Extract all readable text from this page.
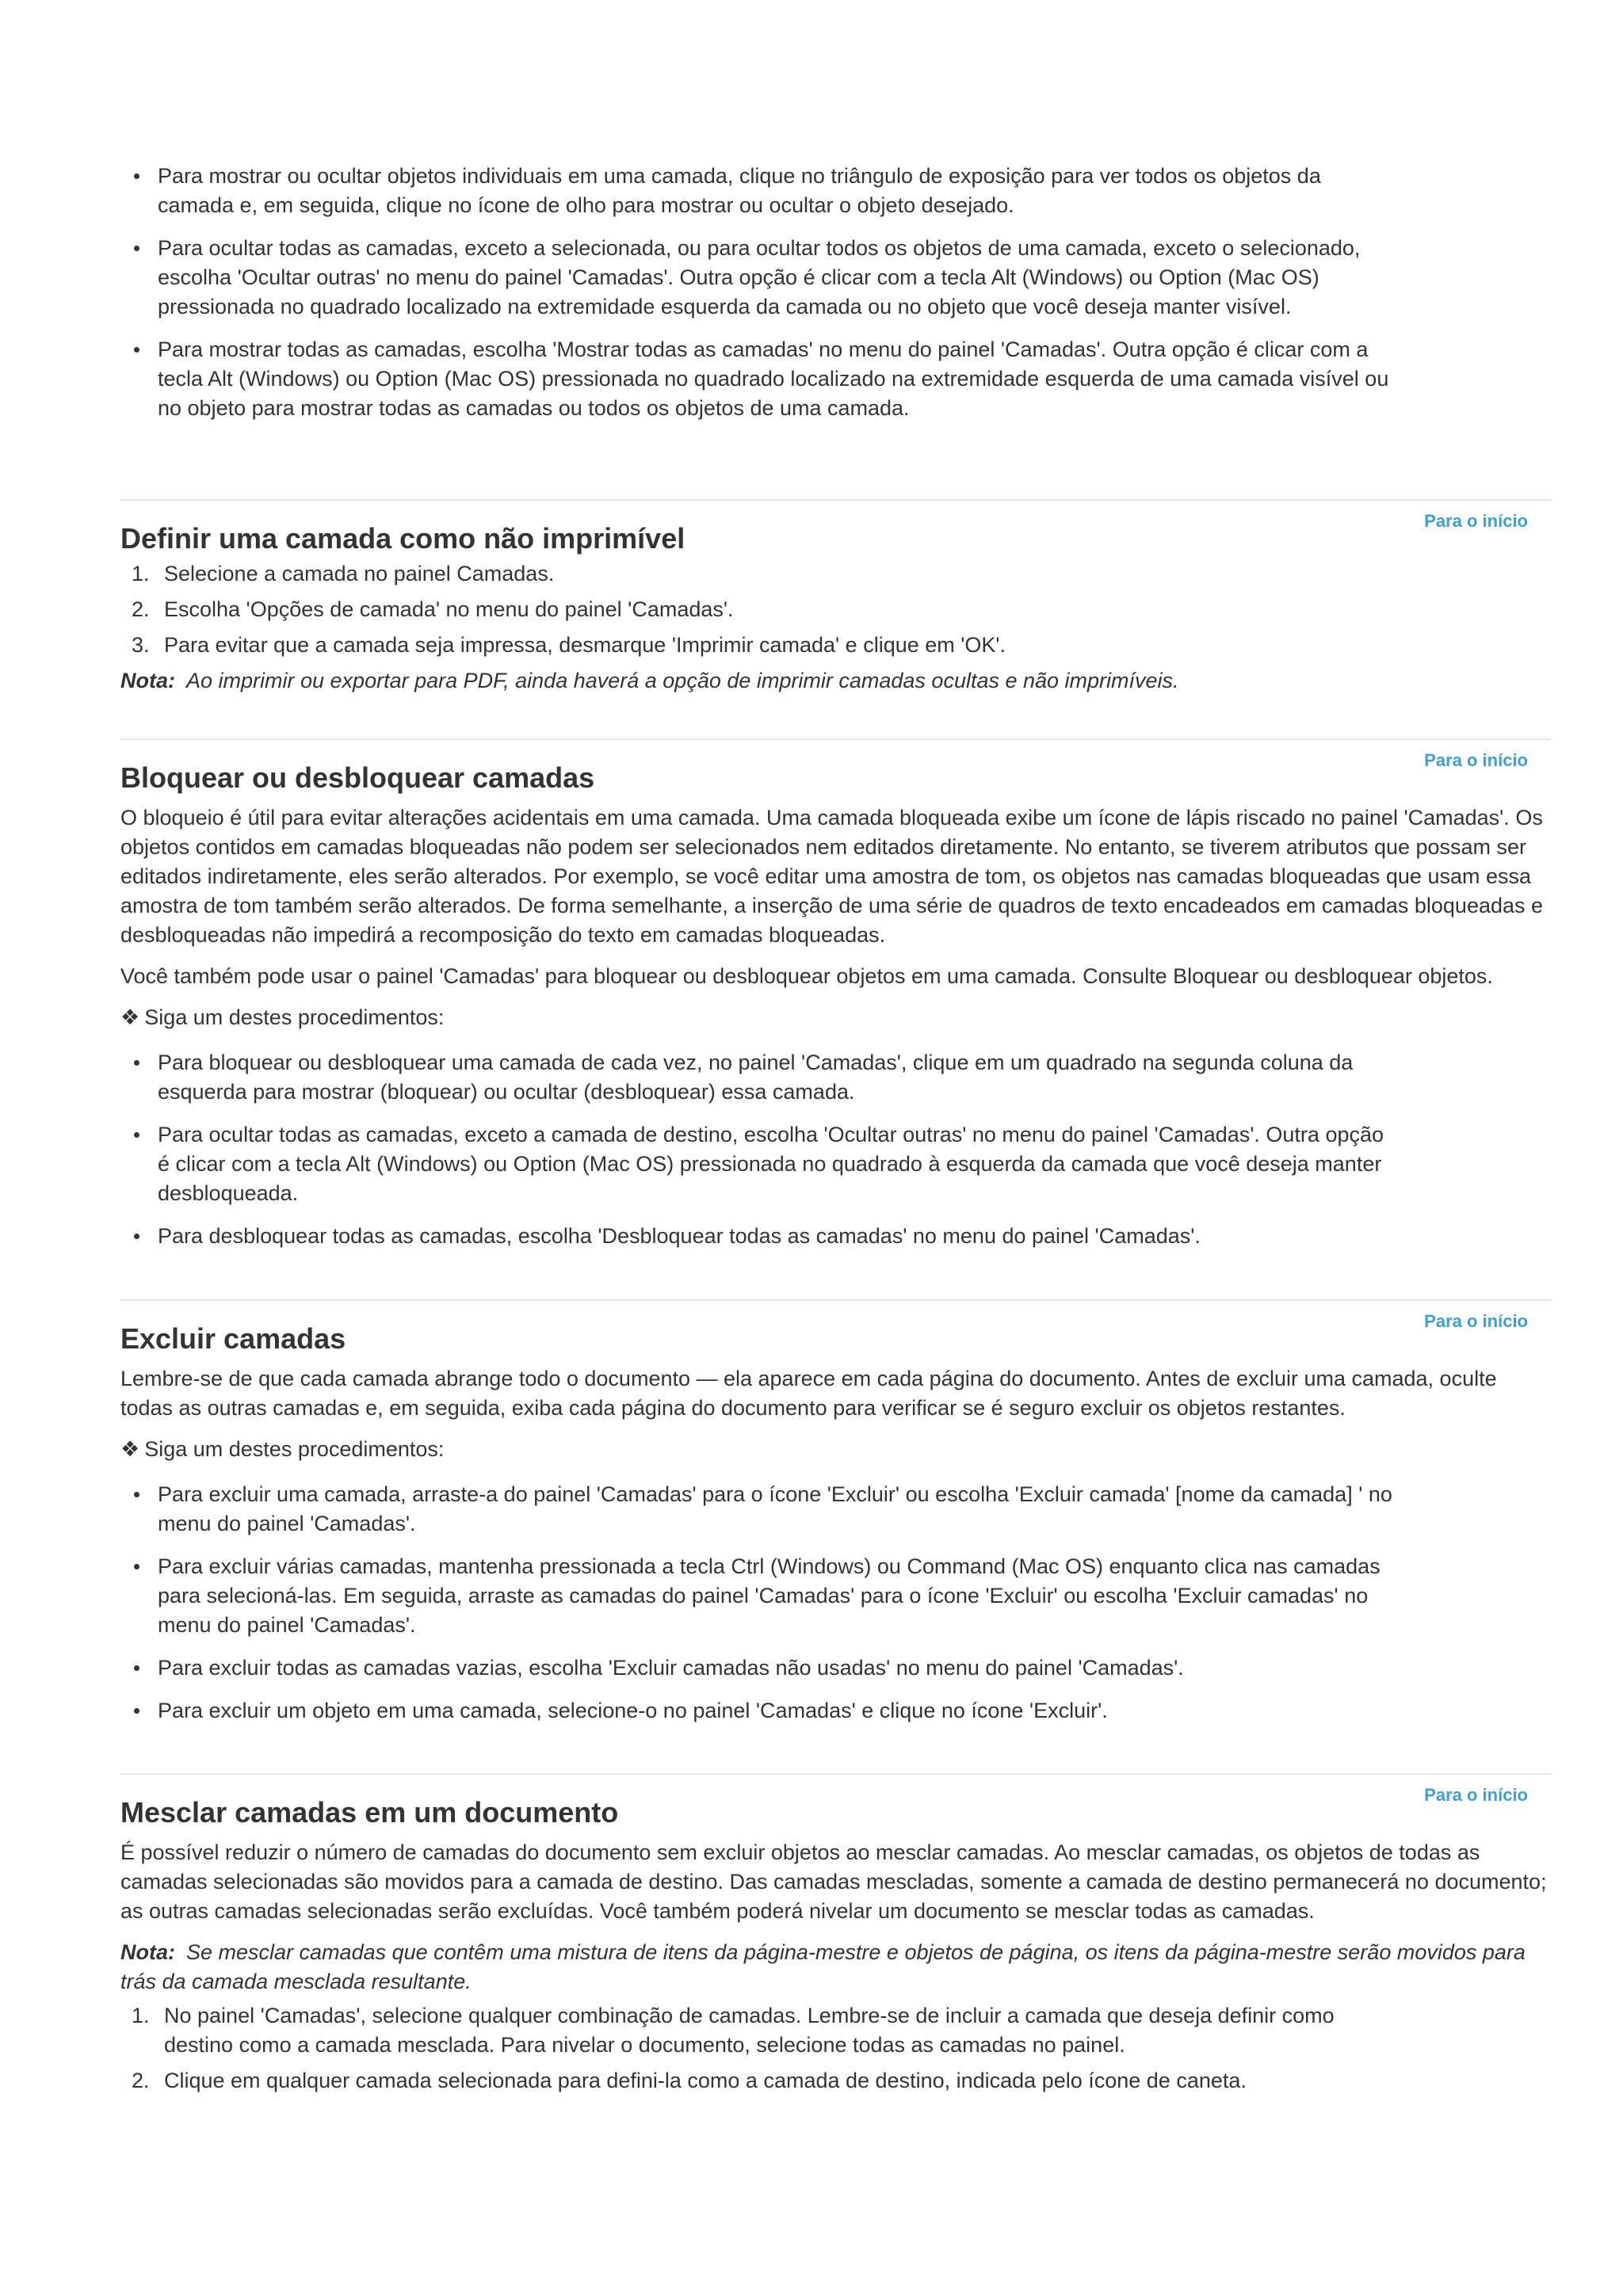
Para mostrar ou ocultar objetos individuais em uma camada, clique no triângulo de exposição para ver todos os objetos da camada e, em seguida, clique no ícone de olho para mostrar ou ocultar o objeto desejado.
Para ocultar todas as camadas, exceto a selecionada, ou para ocultar todos os objetos de uma camada, exceto o selecionado, escolha 'Ocultar outras' no menu do painel 'Camadas'. Outra opção é clicar com a tecla Alt (Windows) ou Option (Mac OS) pressionada no quadrado localizado na extremidade esquerda da camada ou no objeto que você deseja manter visível.
Para mostrar todas as camadas, escolha 'Mostrar todas as camadas' no menu do painel 'Camadas'. Outra opção é clicar com a tecla Alt (Windows) ou Option (Mac OS) pressionada no quadrado localizado na extremidade esquerda de uma camada visível ou no objeto para mostrar todas as camadas ou todos os objetos de uma camada.
Para o início
Definir uma camada como não imprimível
1. Selecione a camada no painel Camadas.
2. Escolha 'Opções de camada' no menu do painel 'Camadas'.
3. Para evitar que a camada seja impressa, desmarque 'Imprimir camada' e clique em 'OK'.
Nota: Ao imprimir ou exportar para PDF, ainda haverá a opção de imprimir camadas ocultas e não imprimíveis.
Para o início
Bloquear ou desbloquear camadas

O bloqueio é útil para evitar alterações acidentais em uma camada. Uma camada bloqueada exibe um ícone de lápis riscado no painel 'Camadas'. Os objetos contidos em camadas bloqueadas não podem ser selecionados nem editados diretamente. No entanto, se tiverem atributos que possam ser editados indiretamente, eles serão alterados. Por exemplo, se você editar uma amostra de tom, os objetos nas camadas bloqueadas que usam essa amostra de tom também serão alterados. De forma semelhante, a inserção de uma série de quadros de texto encadeados em camadas bloqueadas e desbloqueadas não impedirá a recomposição do texto em camadas bloqueadas.

Você também pode usar o painel 'Camadas' para bloquear ou desbloquear objetos em uma camada. Consulte Bloquear ou desbloquear objetos.

❖ Siga um destes procedimentos:
Para bloquear ou desbloquear uma camada de cada vez, no painel 'Camadas', clique em um quadrado na segunda coluna da esquerda para mostrar (bloquear) ou ocultar (desbloquear) essa camada.
Para ocultar todas as camadas, exceto a camada de destino, escolha 'Ocultar outras' no menu do painel 'Camadas'. Outra opção é clicar com a tecla Alt (Windows) ou Option (Mac OS) pressionada no quadrado à esquerda da camada que você deseja manter desbloqueada.
Para desbloquear todas as camadas, escolha 'Desbloquear todas as camadas' no menu do painel 'Camadas'.
Para o início
Excluir camadas

Lembre-se de que cada camada abrange todo o documento — ela aparece em cada página do documento. Antes de excluir uma camada, oculte todas as outras camadas e, em seguida, exiba cada página do documento para verificar se é seguro excluir os objetos restantes.

❖ Siga um destes procedimentos:
Para excluir uma camada, arraste-a do painel 'Camadas' para o ícone 'Excluir' ou escolha 'Excluir camada' [nome da camada] ' no menu do painel 'Camadas'.
Para excluir várias camadas, mantenha pressionada a tecla Ctrl (Windows) ou Command (Mac OS) enquanto clica nas camadas para selecioná-las. Em seguida, arraste as camadas do painel 'Camadas' para o ícone 'Excluir' ou escolha 'Excluir camadas' no menu do painel 'Camadas'.
Para excluir todas as camadas vazias, escolha 'Excluir camadas não usadas' no menu do painel 'Camadas'.
Para excluir um objeto em uma camada, selecione-o no painel 'Camadas' e clique no ícone 'Excluir'.
Para o início
Mesclar camadas em um documento

É possível reduzir o número de camadas do documento sem excluir objetos ao mesclar camadas. Ao mesclar camadas, os objetos de todas as camadas selecionadas são movidos para a camada de destino. Das camadas mescladas, somente a camada de destino permanecerá no documento; as outras camadas selecionadas serão excluídas. Você também poderá nivelar um documento se mesclar todas as camadas.

Nota: Se mesclar camadas que contêm uma mistura de itens da página-mestre e objetos de página, os itens da página-mestre serão movidos para trás da camada mesclada resultante.
1. No painel 'Camadas', selecione qualquer combinação de camadas. Lembre-se de incluir a camada que deseja definir como destino como a camada mesclada. Para nivelar o documento, selecione todas as camadas no painel.
2. Clique em qualquer camada selecionada para defini-la como a camada de destino, indicada pelo ícone de caneta.
